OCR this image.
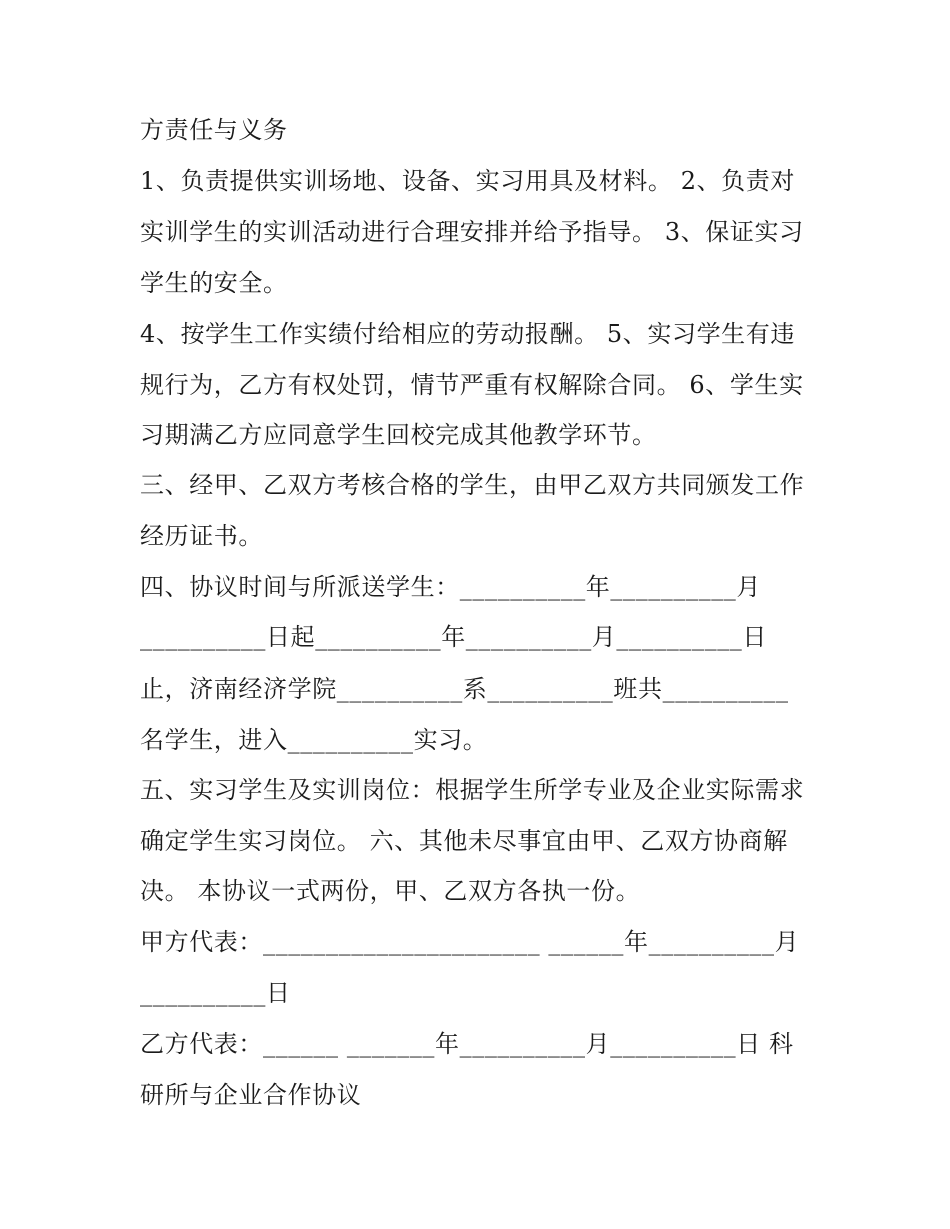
方责任与义务
1、负责提供实训场地、设备、实习用具及材料。 2、负责对
实训学生的实训活动进行合理安排并给予指导。 3、保证实习
学生的安全。
4、按学生工作实绩付给相应的劳动报酬。 5、实习学生有违
规行为，乙方有权处罚，情节严重有权解除合同。 6、学生实
习期满乙方应同意学生回校完成其他教学环节。
三、经甲、乙双方考核合格的学生，由甲乙双方共同颁发工作
经历证书。
四、协议时间与所派送学生：__________年__________月
__________日起__________年__________月__________日
止，济南经济学院__________系__________班共__________
名学生，进入__________实习。
五、实习学生及实训岗位：根据学生所学专业及企业实际需求
确定学生实习岗位。 六、其他未尽事宜由甲、乙双方协商解
决。 本协议一式两份，甲、乙双方各执一份。
甲方代表：______________________ ______年__________月
__________日
乙方代表：______ _______年__________月__________日 科
研所与企业合作协议
